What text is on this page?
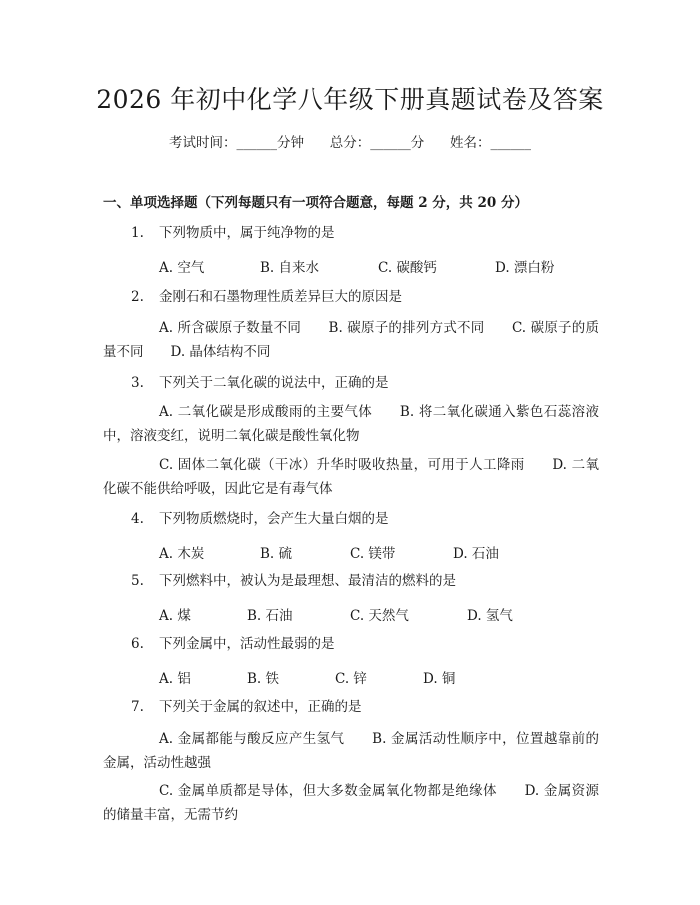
2026 年初中化学八年级下册真题试卷及答案
考试时间：______分钟      总分：______分      姓名：______
一、单项选择题（下列每题只有一项符合题意，每题 2 分，共 20 分）
1. 下列物质中，属于纯净物的是
A. 空气	B. 自来水	C. 碳酸钙	D. 漂白粉
2. 金刚石和石墨物理性质差异巨大的原因是
A. 所含碳原子数量不同　　B. 碳原子的排列方式不同　　C. 碳原子的质量不同　　D. 晶体结构不同
3. 下列关于二氧化碳的说法中，正确的是
A. 二氧化碳是形成酸雨的主要气体　　B. 将二氧化碳通入紫色石蕊溶液中，溶液变红，说明二氧化碳是酸性氧化物
C. 固体二氧化碳（干冰）升华时吸收热量，可用于人工降雨　　D. 二氧化碳不能供给呼吸，因此它是有毒气体
4. 下列物质燃烧时，会产生大量白烟的是
A. 木炭	B. 硫	C. 镁带	D. 石油
5. 下列燃料中，被认为是最理想、最清洁的燃料的是
A. 煤	B. 石油	C. 天然气	D. 氢气
6. 下列金属中，活动性最弱的是
A. 铝	B. 铁	C. 锌	D. 铜
7. 下列关于金属的叙述中，正确的是
A. 金属都能与酸反应产生氢气　　B. 金属活动性顺序中，位置越靠前的金属，活动性越强
C. 金属单质都是导体，但大多数金属氧化物都是绝缘体　　D. 金属资源的储量丰富，无需节约
